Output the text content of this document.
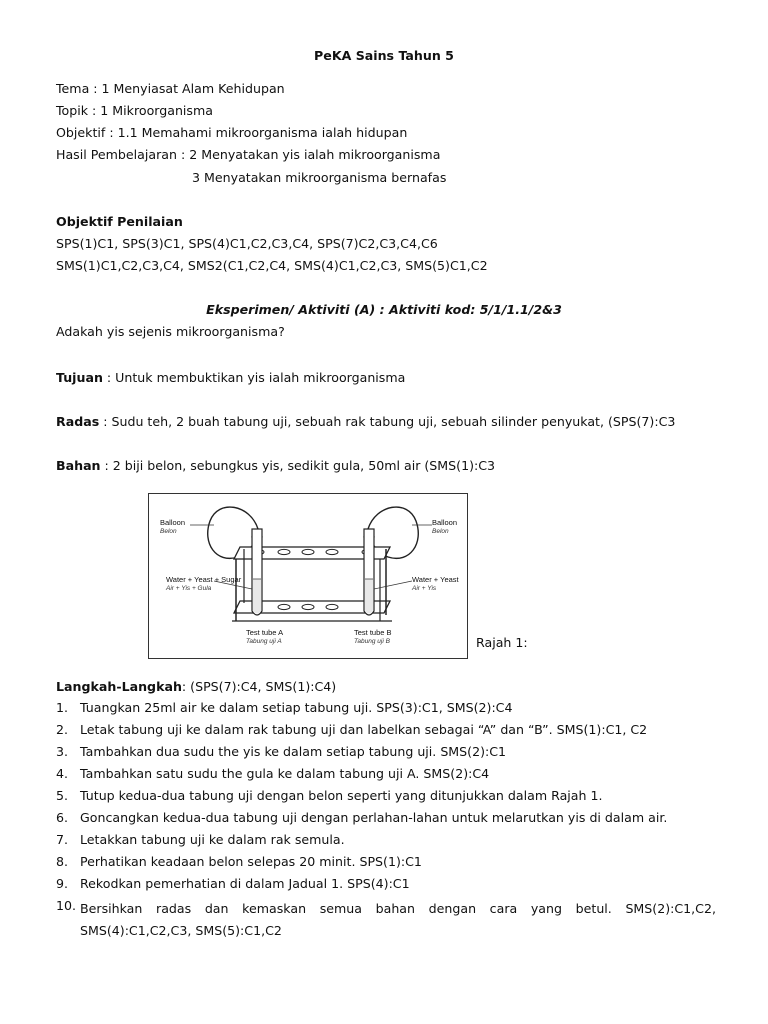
PeKA Sains Tahun 5
Tema : 1 Menyiasat Alam Kehidupan
Topik : 1 Mikroorganisma
Objektif : 1.1 Memahami mikroorganisma ialah hidupan
Hasil Pembelajaran : 2 Menyatakan yis ialah mikroorganisma
3 Menyatakan mikroorganisma bernafas
Objektif Penilaian
SPS(1)C1, SPS(3)C1, SPS(4)C1,C2,C3,C4, SPS(7)C2,C3,C4,C6
SMS(1)C1,C2,C3,C4, SMS2(C1,C2,C4, SMS(4)C1,C2,C3, SMS(5)C1,C2
Eksperimen/ Aktiviti (A) : Aktiviti kod: 5/1/1.1/2&3
Adakah yis sejenis mikroorganisma?
Tujuan : Untuk membuktikan yis ialah mikroorganisma
Radas : Sudu teh, 2 buah tabung uji, sebuah rak tabung uji, sebuah silinder penyukat, (SPS(7):C3
Bahan : 2 biji belon, sebungkus yis, sedikit gula, 50ml air (SMS(1):C3
Balloon
Belon
Balloon
Belon
Water + Yeast + Sugar
Air + Yis + Gula
Water + Yeast
Air + Yis
Test tube A
Tabung uji A
Test tube B
Tabung uji B	Rajah 1:
Langkah-Langkah: (SPS(7):C4, SMS(1):C4)
1. Tuangkan 25ml air ke dalam setiap tabung uji. SPS(3):C1, SMS(2):C4
2. Letak tabung uji ke dalam rak tabung uji dan labelkan sebagai “A” dan “B”. SMS(1):C1, C2
3. Tambahkan dua sudu the yis ke dalam setiap tabung uji. SMS(2):C1
4. Tambahkan satu sudu the gula ke dalam tabung uji A. SMS(2):C4
5. Tutup kedua-dua tabung uji dengan belon seperti yang ditunjukkan dalam Rajah 1.
6. Goncangkan kedua-dua tabung uji dengan perlahan-lahan untuk melarutkan yis di dalam air.
7. Letakkan tabung uji ke dalam rak semula.
8. Perhatikan keadaan belon selepas 20 minit. SPS(1):C1
9. Rekodkan pemerhatian di dalam Jadual 1. SPS(4):C1
10. Bersihkan radas dan kemaskan semua bahan dengan cara yang betul. SMS(2):C1,C2, SMS(4):C1,C2,C3, SMS(5):C1,C2
